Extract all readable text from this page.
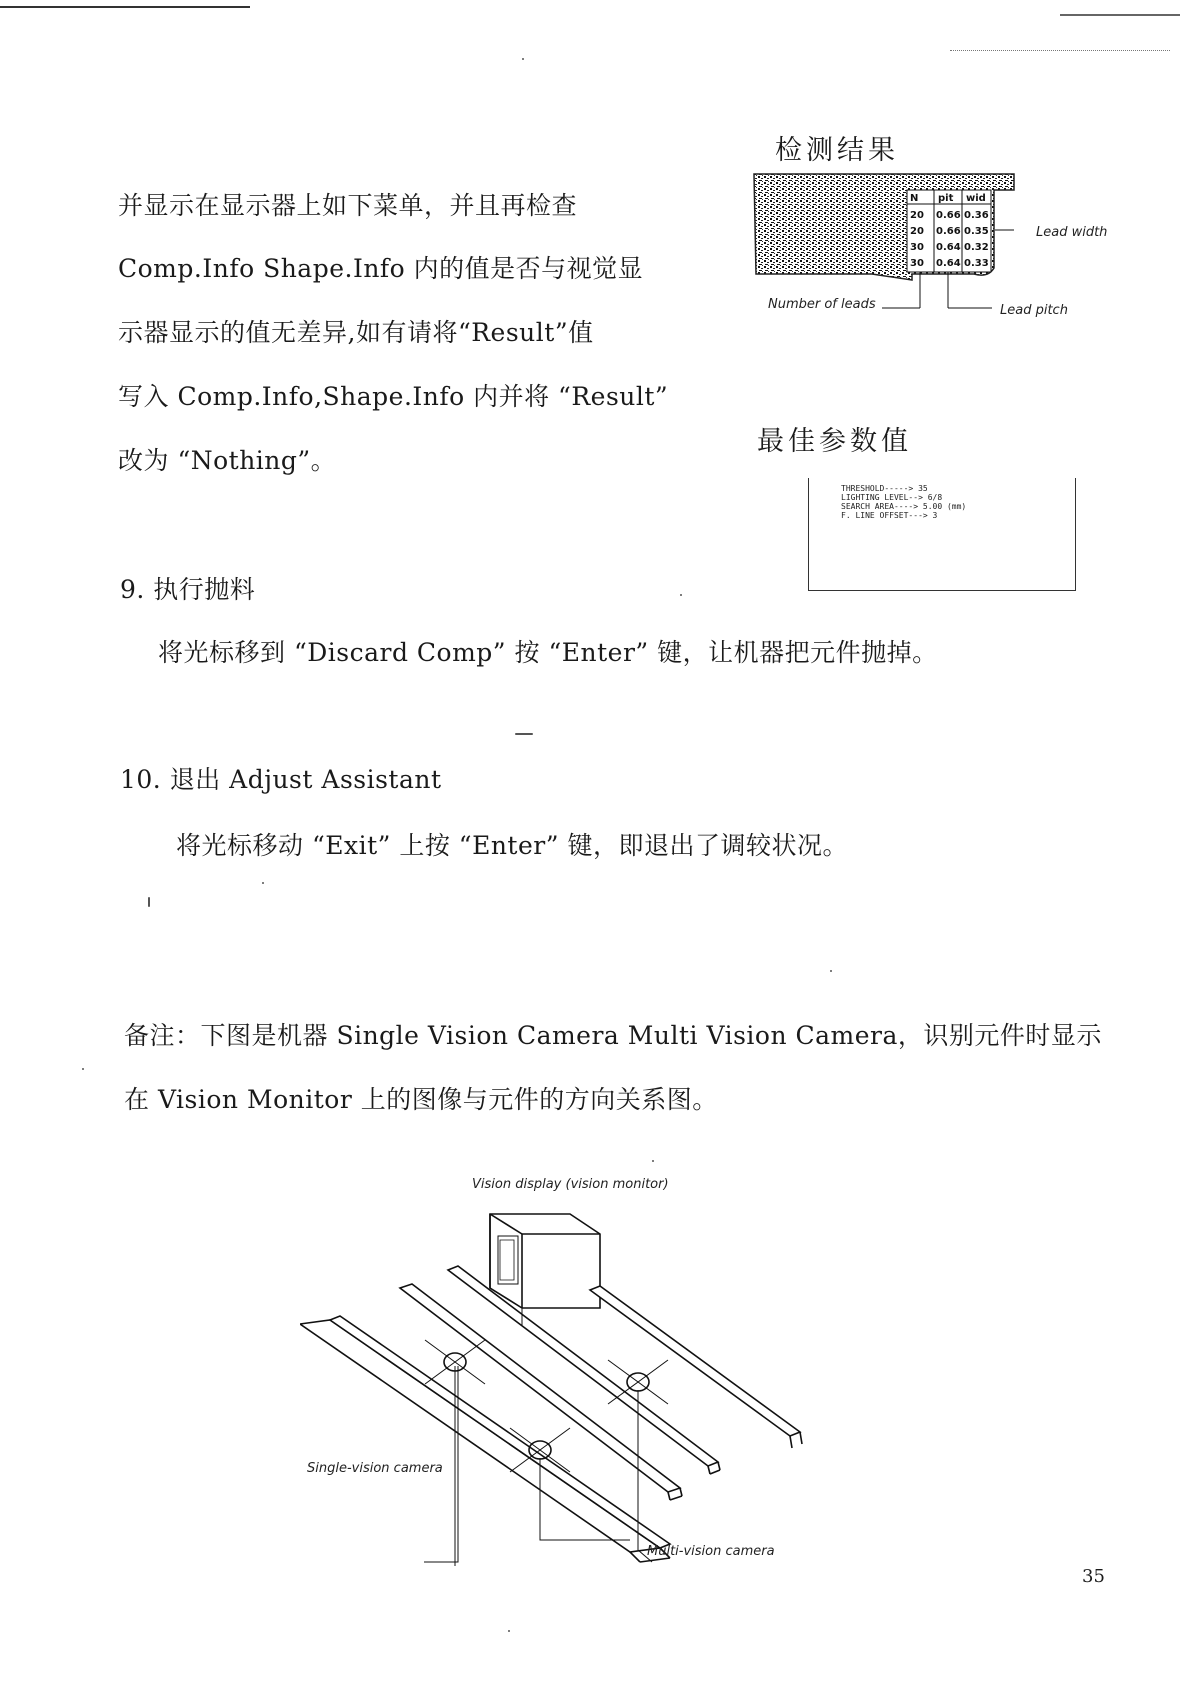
并显示在显示器上如下菜单，并且再检查
Comp.Info Shape.Info 内的值是否与视觉显
示器显示的值无差异,如有请将“Result”值
写入 Comp.Info,Shape.Info 内并将 “Result”
改为 “Nothing”。
检测结果
N pit wid
20 0.66 0.36
20 0.66 0.35
30 0.64 0.32
30 0.64 0.33
Lead width
Number of leads	Lead pitch
最佳参数值
THRESHOLD-----> 35
LIGHTING LEVEL--> 6/8
SEARCH AREA----> 5.00 (mm)
F. LINE OFFSET---> 3
9. 执行抛料
将光标移到 “Discard Comp” 按 “Enter” 键，让机器把元件抛掉。
10. 退出 Adjust Assistant
将光标移动 “Exit” 上按 “Enter” 键，即退出了调较状况。
备注：下图是机器 Single Vision Camera Multi Vision Camera，识别元件时显示
在 Vision Monitor 上的图像与元件的方向关系图。
Vision display (vision monitor)
Single-vision camera
Multi-vision camera
35
